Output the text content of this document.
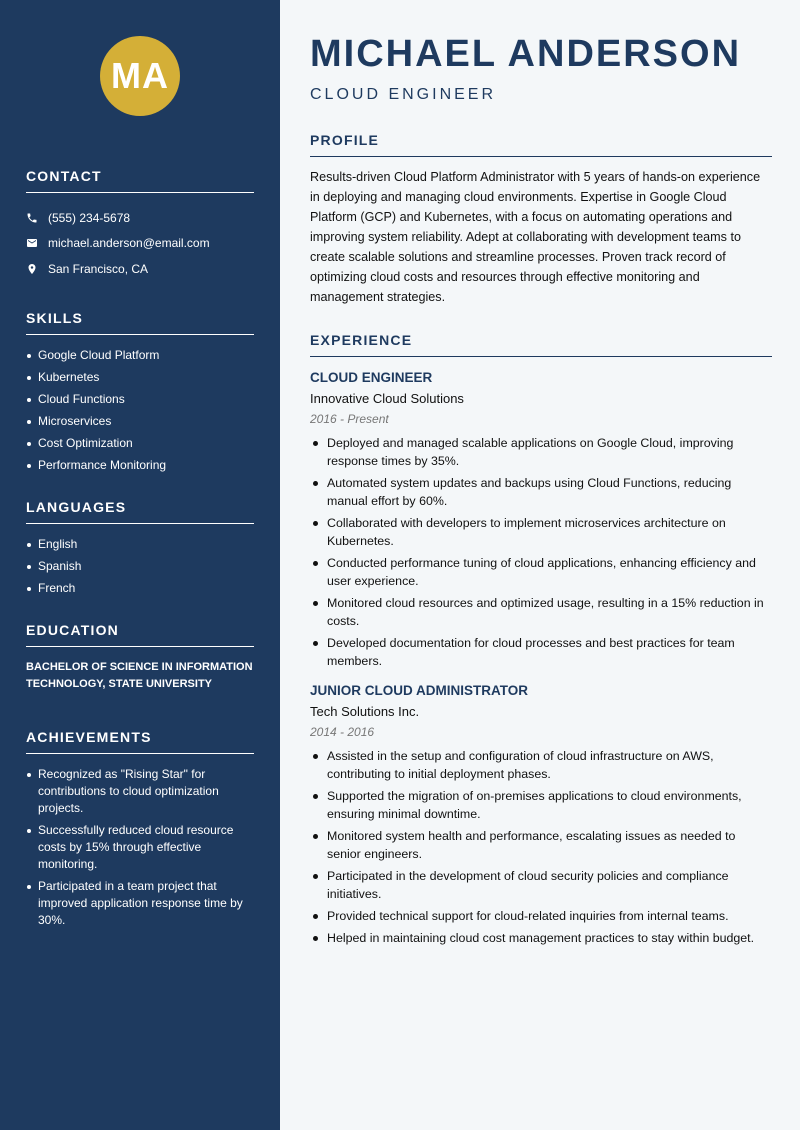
MA
CONTACT
(555) 234-5678
michael.anderson@email.com
San Francisco, CA
SKILLS
Google Cloud Platform
Kubernetes
Cloud Functions
Microservices
Cost Optimization
Performance Monitoring
LANGUAGES
English
Spanish
French
EDUCATION
BACHELOR OF SCIENCE IN INFORMATION TECHNOLOGY, STATE UNIVERSITY
ACHIEVEMENTS
Recognized as "Rising Star" for contributions to cloud optimization projects.
Successfully reduced cloud resource costs by 15% through effective monitoring.
Participated in a team project that improved application response time by 30%.
MICHAEL ANDERSON
CLOUD ENGINEER
PROFILE

Results-driven Cloud Platform Administrator with 5 years of hands-on experience in deploying and managing cloud environments. Expertise in Google Cloud Platform (GCP) and Kubernetes, with a focus on automating operations and improving system reliability. Adept at collaborating with development teams to create scalable solutions and streamline processes. Proven track record of optimizing cloud costs and resources through effective monitoring and management strategies.

EXPERIENCE
CLOUD ENGINEER
Innovative Cloud Solutions
2016 - Present
Deployed and managed scalable applications on Google Cloud, improving response times by 35%.
Automated system updates and backups using Cloud Functions, reducing manual effort by 60%.
Collaborated with developers to implement microservices architecture on Kubernetes.
Conducted performance tuning of cloud applications, enhancing efficiency and user experience.
Monitored cloud resources and optimized usage, resulting in a 15% reduction in costs.
Developed documentation for cloud processes and best practices for team members.
JUNIOR CLOUD ADMINISTRATOR
Tech Solutions Inc.
2014 - 2016
Assisted in the setup and configuration of cloud infrastructure on AWS, contributing to initial deployment phases.
Supported the migration of on-premises applications to cloud environments, ensuring minimal downtime.
Monitored system health and performance, escalating issues as needed to senior engineers.
Participated in the development of cloud security policies and compliance initiatives.
Provided technical support for cloud-related inquiries from internal teams.
Helped in maintaining cloud cost management practices to stay within budget.
